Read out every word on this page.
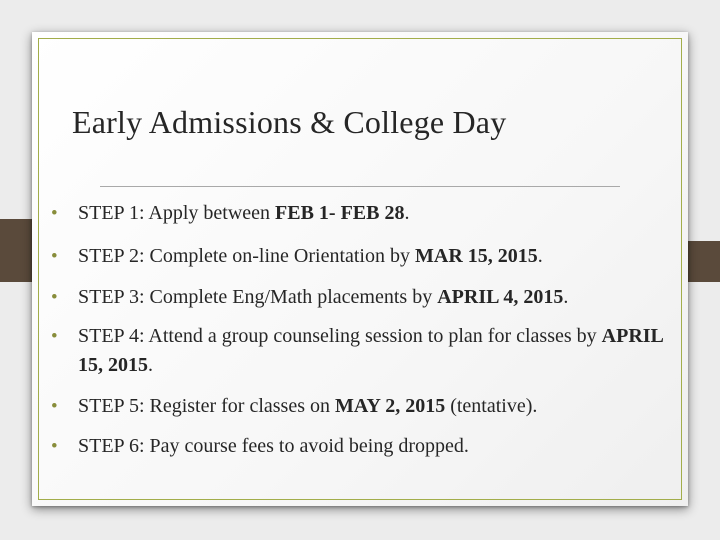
Early Admissions & College Day
• STEP 1: Apply between FEB 1- FEB 28.
• STEP 2: Complete on-line Orientation by MAR 15, 2015.
• STEP 3: Complete Eng/Math placements by APRIL 4, 2015.
• STEP 4: Attend a group counseling session to plan for classes by APRIL 15, 2015.
• STEP 5: Register for classes on MAY 2, 2015 (tentative).
• STEP 6: Pay course fees to avoid being dropped.
